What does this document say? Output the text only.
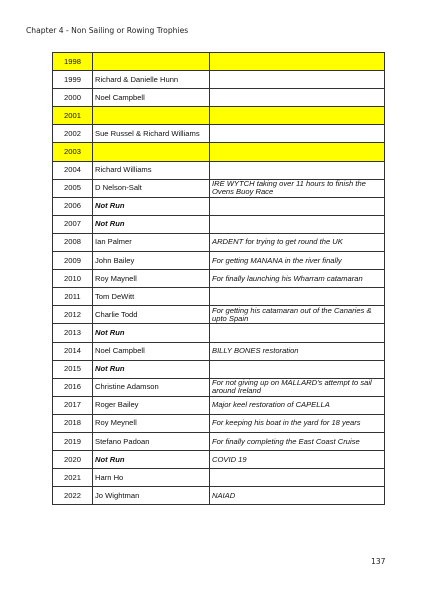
Chapter 4 - Non Sailing or Rowing Trophies
1998		
1999	Richard & Danielle Hunn	
2000	Noel Campbell	
2001		
2002	Sue Russel & Richard Williams	
2003		
2004	Richard Williams	
2005	D Nelson-Salt	IRE WYTCH taking over 11 hours to finish the Ovens Buoy Race
2006	Not Run	
2007	Not Run	
2008	Ian Palmer	ARDENT for trying to get round the UK
2009	John Bailey	For getting MANANA in the river finally
2010	Roy Maynell	For finally launching his Wharram catamaran
2011	Tom DeWitt	
2012	Charlie Todd	For getting his catamaran out of the Canaries & upto Spain
2013	Not Run	
2014	Noel Campbell	BILLY BONES restoration
2015	Not Run	
2016	Christine Adamson	For not giving up on MALLARD's attempt to sail around Ireland
2017	Roger Bailey	Major keel restoration of CAPELLA
2018	Roy Meynell	For keeping his boat in the yard for 18 years
2019	Stefano Padoan	For finally completing the East Coast Cruise
2020	Not Run	COVID 19
2021	Harn Ho	
2022	Jo Wightman	NAIAD
137
